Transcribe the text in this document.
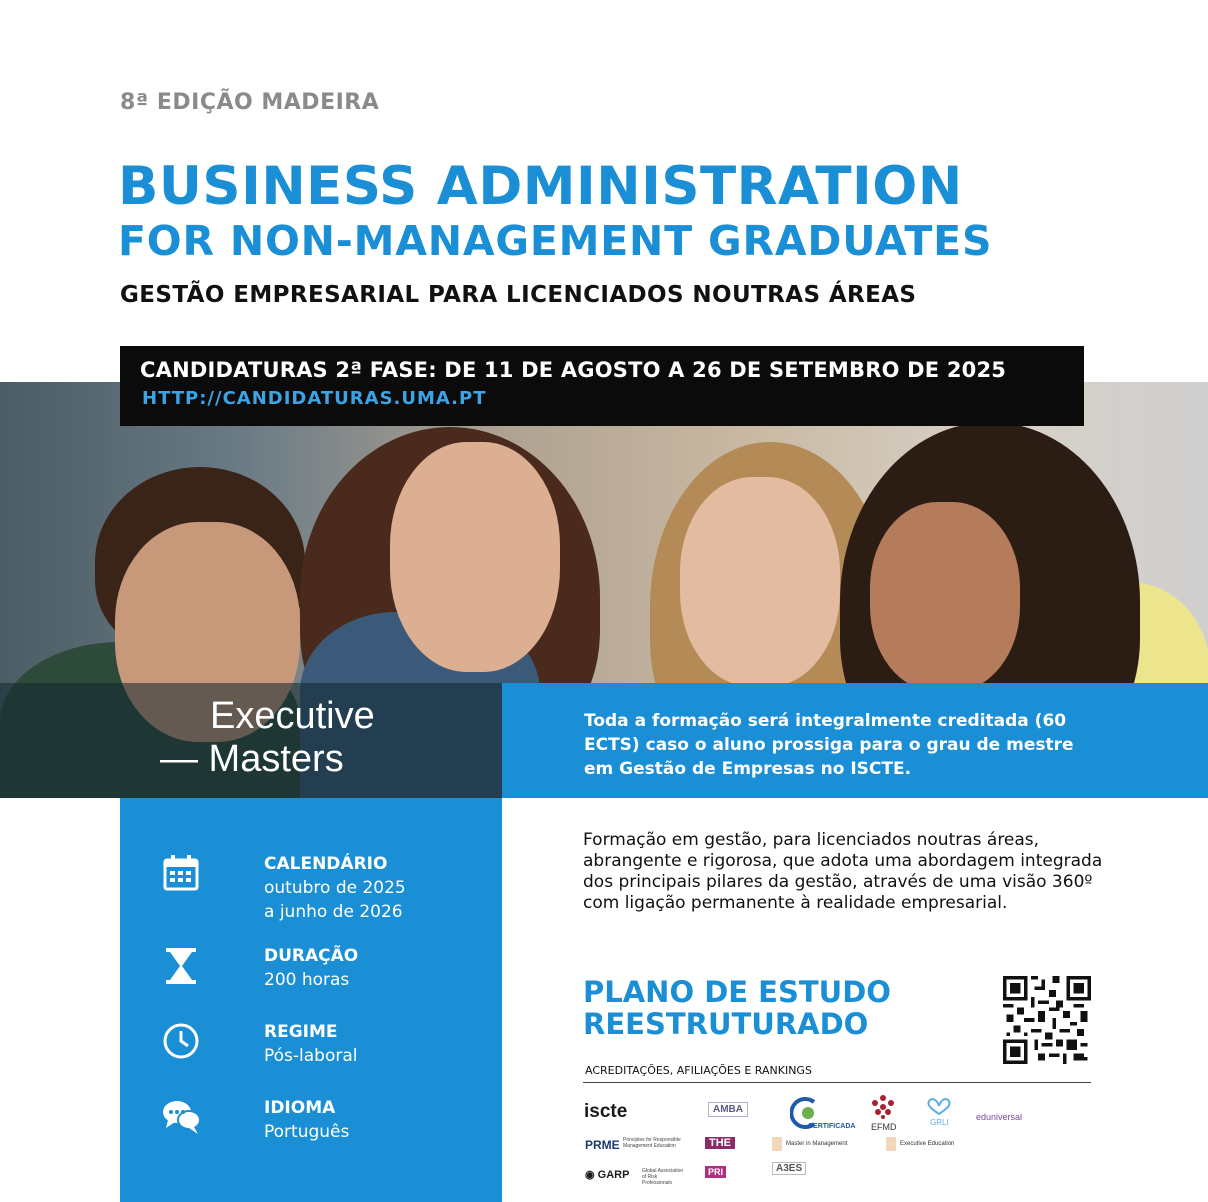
8ª EDIÇÃO MADEIRA
BUSINESS ADMINISTRATION
FOR NON-MANAGEMENT GRADUATES
GESTÃO EMPRESARIAL PARA LICENCIADOS NOUTRAS ÁREAS
CANDIDATURAS 2ª FASE: DE 11 DE AGOSTO A 26 DE SETEMBRO DE 2025
HTTP://CANDIDATURAS.UMA.PT
Executive
— Masters
Toda a formação será integralmente creditada (60 ECTS) caso o aluno prossiga para o grau de mestre em Gestão de Empresas no ISCTE.
CALENDÁRIO
outubro de 2025
a junho de 2026
DURAÇÃO
200 horas
REGIME
Pós-laboral
IDIOMA
Português
Formação em gestão, para licenciados noutras áreas, abrangente e rigorosa, que adota uma abordagem integrada dos principais pilares da gestão, através de uma visão 360º com ligação permanente à realidade empresarial.
PLANO DE ESTUDO
REESTRUTURADO
ACREDITAÇÕES, AFILIAÇÕES E RANKINGS
iscte	AMBA
CERTIFICADA EFMD	GRLI
eduniversal
PRME Principles for Responsible Management Education	THE	Master in Management	Executive Education
◉ GARP	Global Association of Risk Professionals
PRI	A3ES
